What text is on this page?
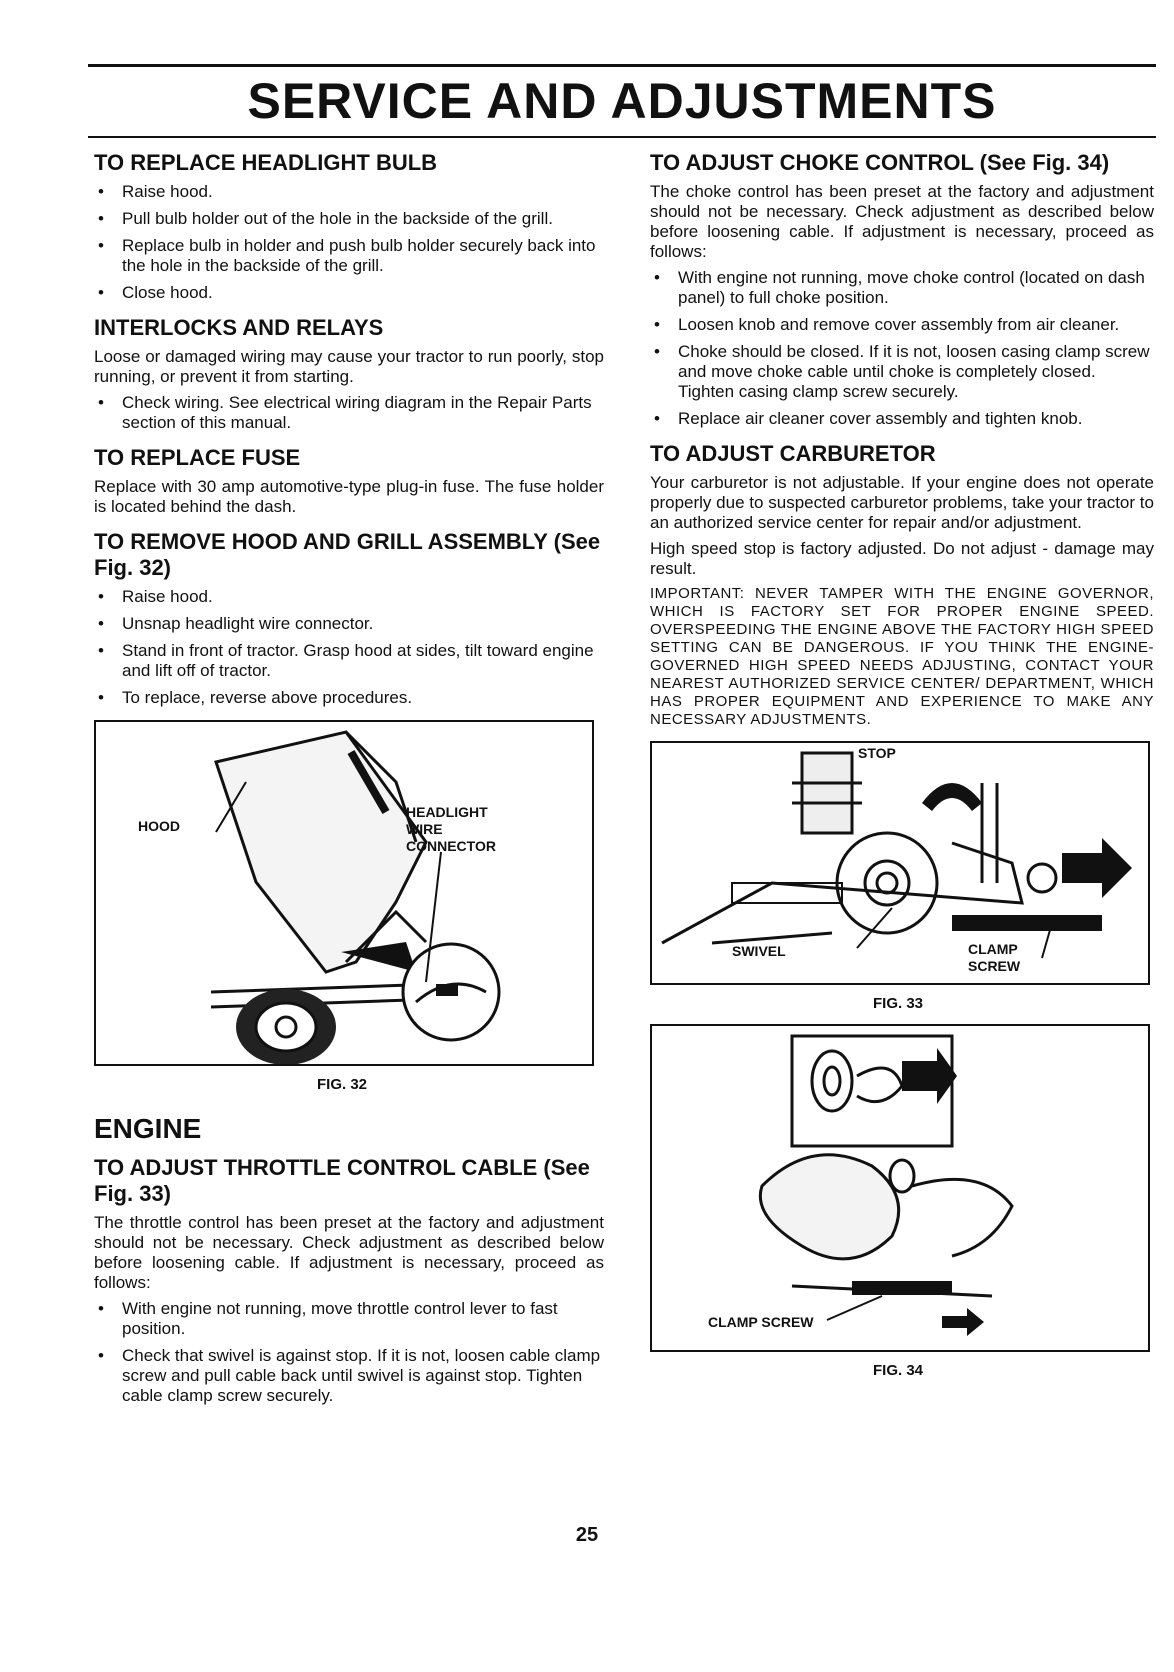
SERVICE AND ADJUSTMENTS
TO REPLACE HEADLIGHT BULB
• Raise hood.
• Pull bulb holder out of the hole in the backside of the grill.
• Replace bulb in holder and push bulb holder securely back into the hole in the backside of the grill.
• Close hood.
INTERLOCKS AND RELAYS

Loose or damaged wiring may cause your tractor to run poorly, stop running, or prevent it from starting.

• Check wiring. See electrical wiring diagram in the Repair Parts section of this manual.
TO REPLACE FUSE

Replace with 30 amp automotive-type plug-in fuse. The fuse holder is located behind the dash.

TO REMOVE HOOD AND GRILL ASSEMBLY (See Fig. 32)
• Raise hood.
• Unsnap headlight wire connector.
• Stand in front of tractor. Grasp hood at sides, tilt toward engine and lift off of tractor.
• To replace, reverse above procedures.
HOOD
HEADLIGHT WIRE CONNECTOR
FIG. 32
ENGINE
TO ADJUST THROTTLE CONTROL CABLE (See Fig. 33)

The throttle control has been preset at the factory and adjustment should not be necessary. Check adjustment as described below before loosening cable. If adjustment is necessary, proceed as follows:

• With engine not running, move throttle control lever to fast position.
• Check that swivel is against stop. If it is not, loosen cable clamp screw and pull cable back until swivel is against stop. Tighten cable clamp screw securely.
TO ADJUST CHOKE CONTROL (See Fig. 34)

The choke control has been preset at the factory and adjustment should not be necessary. Check adjustment as described below before loosening cable. If adjustment is necessary, proceed as follows:

• With engine not running, move choke control (located on dash panel) to full choke position.
• Loosen knob and remove cover assembly from air cleaner.
• Choke should be closed. If it is not, loosen casing clamp screw and move choke cable until choke is completely closed. Tighten casing clamp screw securely.
• Replace air cleaner cover assembly and tighten knob.
TO ADJUST CARBURETOR

Your carburetor is not adjustable. If your engine does not operate properly due to suspected carburetor problems, take your tractor to an authorized service center for repair and/or adjustment.

High speed stop is factory adjusted. Do not adjust - damage may result.

IMPORTANT: NEVER TAMPER WITH THE ENGINE GOVERNOR, WHICH IS FACTORY SET FOR PROPER ENGINE SPEED. OVERSPEEDING THE ENGINE ABOVE THE FACTORY HIGH SPEED SETTING CAN BE DANGEROUS. IF YOU THINK THE ENGINE-GOVERNED HIGH SPEED NEEDS ADJUSTING, CONTACT YOUR NEAREST AUTHORIZED SERVICE CENTER/ DEPARTMENT, WHICH HAS PROPER EQUIPMENT AND EXPERIENCE TO MAKE ANY NECESSARY ADJUSTMENTS.

STOP
SWIVEL	CLAMP SCREW
FIG. 33
CLAMP SCREW
FIG. 34
25
